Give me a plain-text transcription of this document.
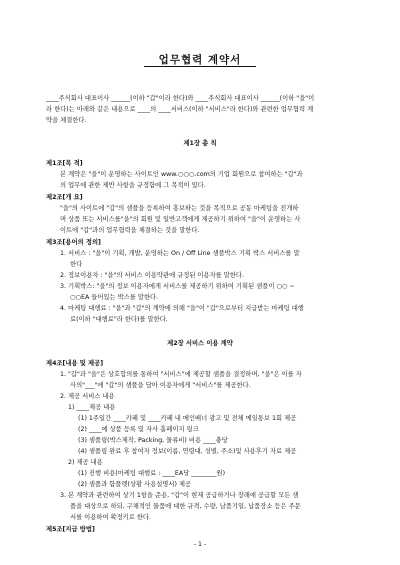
업무협력 계약서
____주식회사 대표이사 ______(이하 "갑"이라 한다)와 ____주식회사 대표이사 ______(이하 "을"이
라 한다)는 아래와 같은 내용으로 ____의 ____서비스(이하 "서비스"라 한다)와 관련한 업무협력 계
약을 체결한다.
제1장 총 칙
제1조[목 적]
본 계약은 "을"이 운영하는 사이트인 www.○○○.com의 기업 회원으로 참여하는 "갑"과
의 업무에 관한 제반 사항을 규정함에 그 목적이 있다.
제2조[개 요]
"을"의 사이트에 "갑"의 샘플을 등록하여 홍보하는 것을 목적으로 공동 마케팅을 전개하
며 상품 또는 서비스를"을"의 회원 및 일반고객에게 제공하기 위하여 "을"이 운영하는 사
이트에 "갑"과의 업무협력을 체결하는 것을 말한다.
제3조[용어의 정의]
1. 서비스 : "을"이 기획, 개발, 운영하는 On / Off Line 샘플박스 기획 박스 서비스를 말
한다
2. 정보이용자 : "을"의 서비스 이용약관에 규정된 이용자를 말한다.
3. 기획박스: "을"의 정보 이용자에게 서비스를 제공하기 위하여 기획된 샘플이 ○○ ~
○○EA 들어있는 박스를 말한다.
4. 마케팅 대행료 : "을"과 "갑"의 계약에 의해 "을"이 "갑"으로부터 지급받는 마케팅 대행
료(이하 "대행료"라 한다)를 말한다.
제2장 서비스 이용 계약
제4조[내용 및 제공]
1. "갑"과 "을"은 상호합의를 통하여 "서비스"에 제공할 샘플을 결정하며, "을"은 이를 자
사의"___"에 "갑"의 샘플을 담아 이용자에게 "서비스"를 제공한다.
2. 제공 서비스 내용
1) ____제공 내용
(1) 1주일간 ____카페 및 ____카페 내 메인배너 광고 및 전체 메일통보 1회 제공
(2) ____에 상품 등록 및 자사 홈페이지 링크
(3) 샘플링(박스제작, Packing, 물류비) 비용 ____충당
(4) 샘플링 완료 후 참여자 정보(이름, 연령대, 성별, 주소)및 사용후기 자료 제공
2) 제공 내용
(1) 진행 비용(마케팅 대행료 : ____EA당 ________원)
(2) 샘플과 함플렛(상황 사용설명서) 제공
3. 본 계약과 관련하여 상기 1항을 준용, "갑"이 현재 공급하거나 장래에 공급할 모든 샘
플을 대상으로 하되, 구체적인 물품에 대한 규격, 수량, 납품기일, 납품장소 등은 주문
서를 이용하여 확정키로 한다.
제5조[지급 방법]
- 1 -
